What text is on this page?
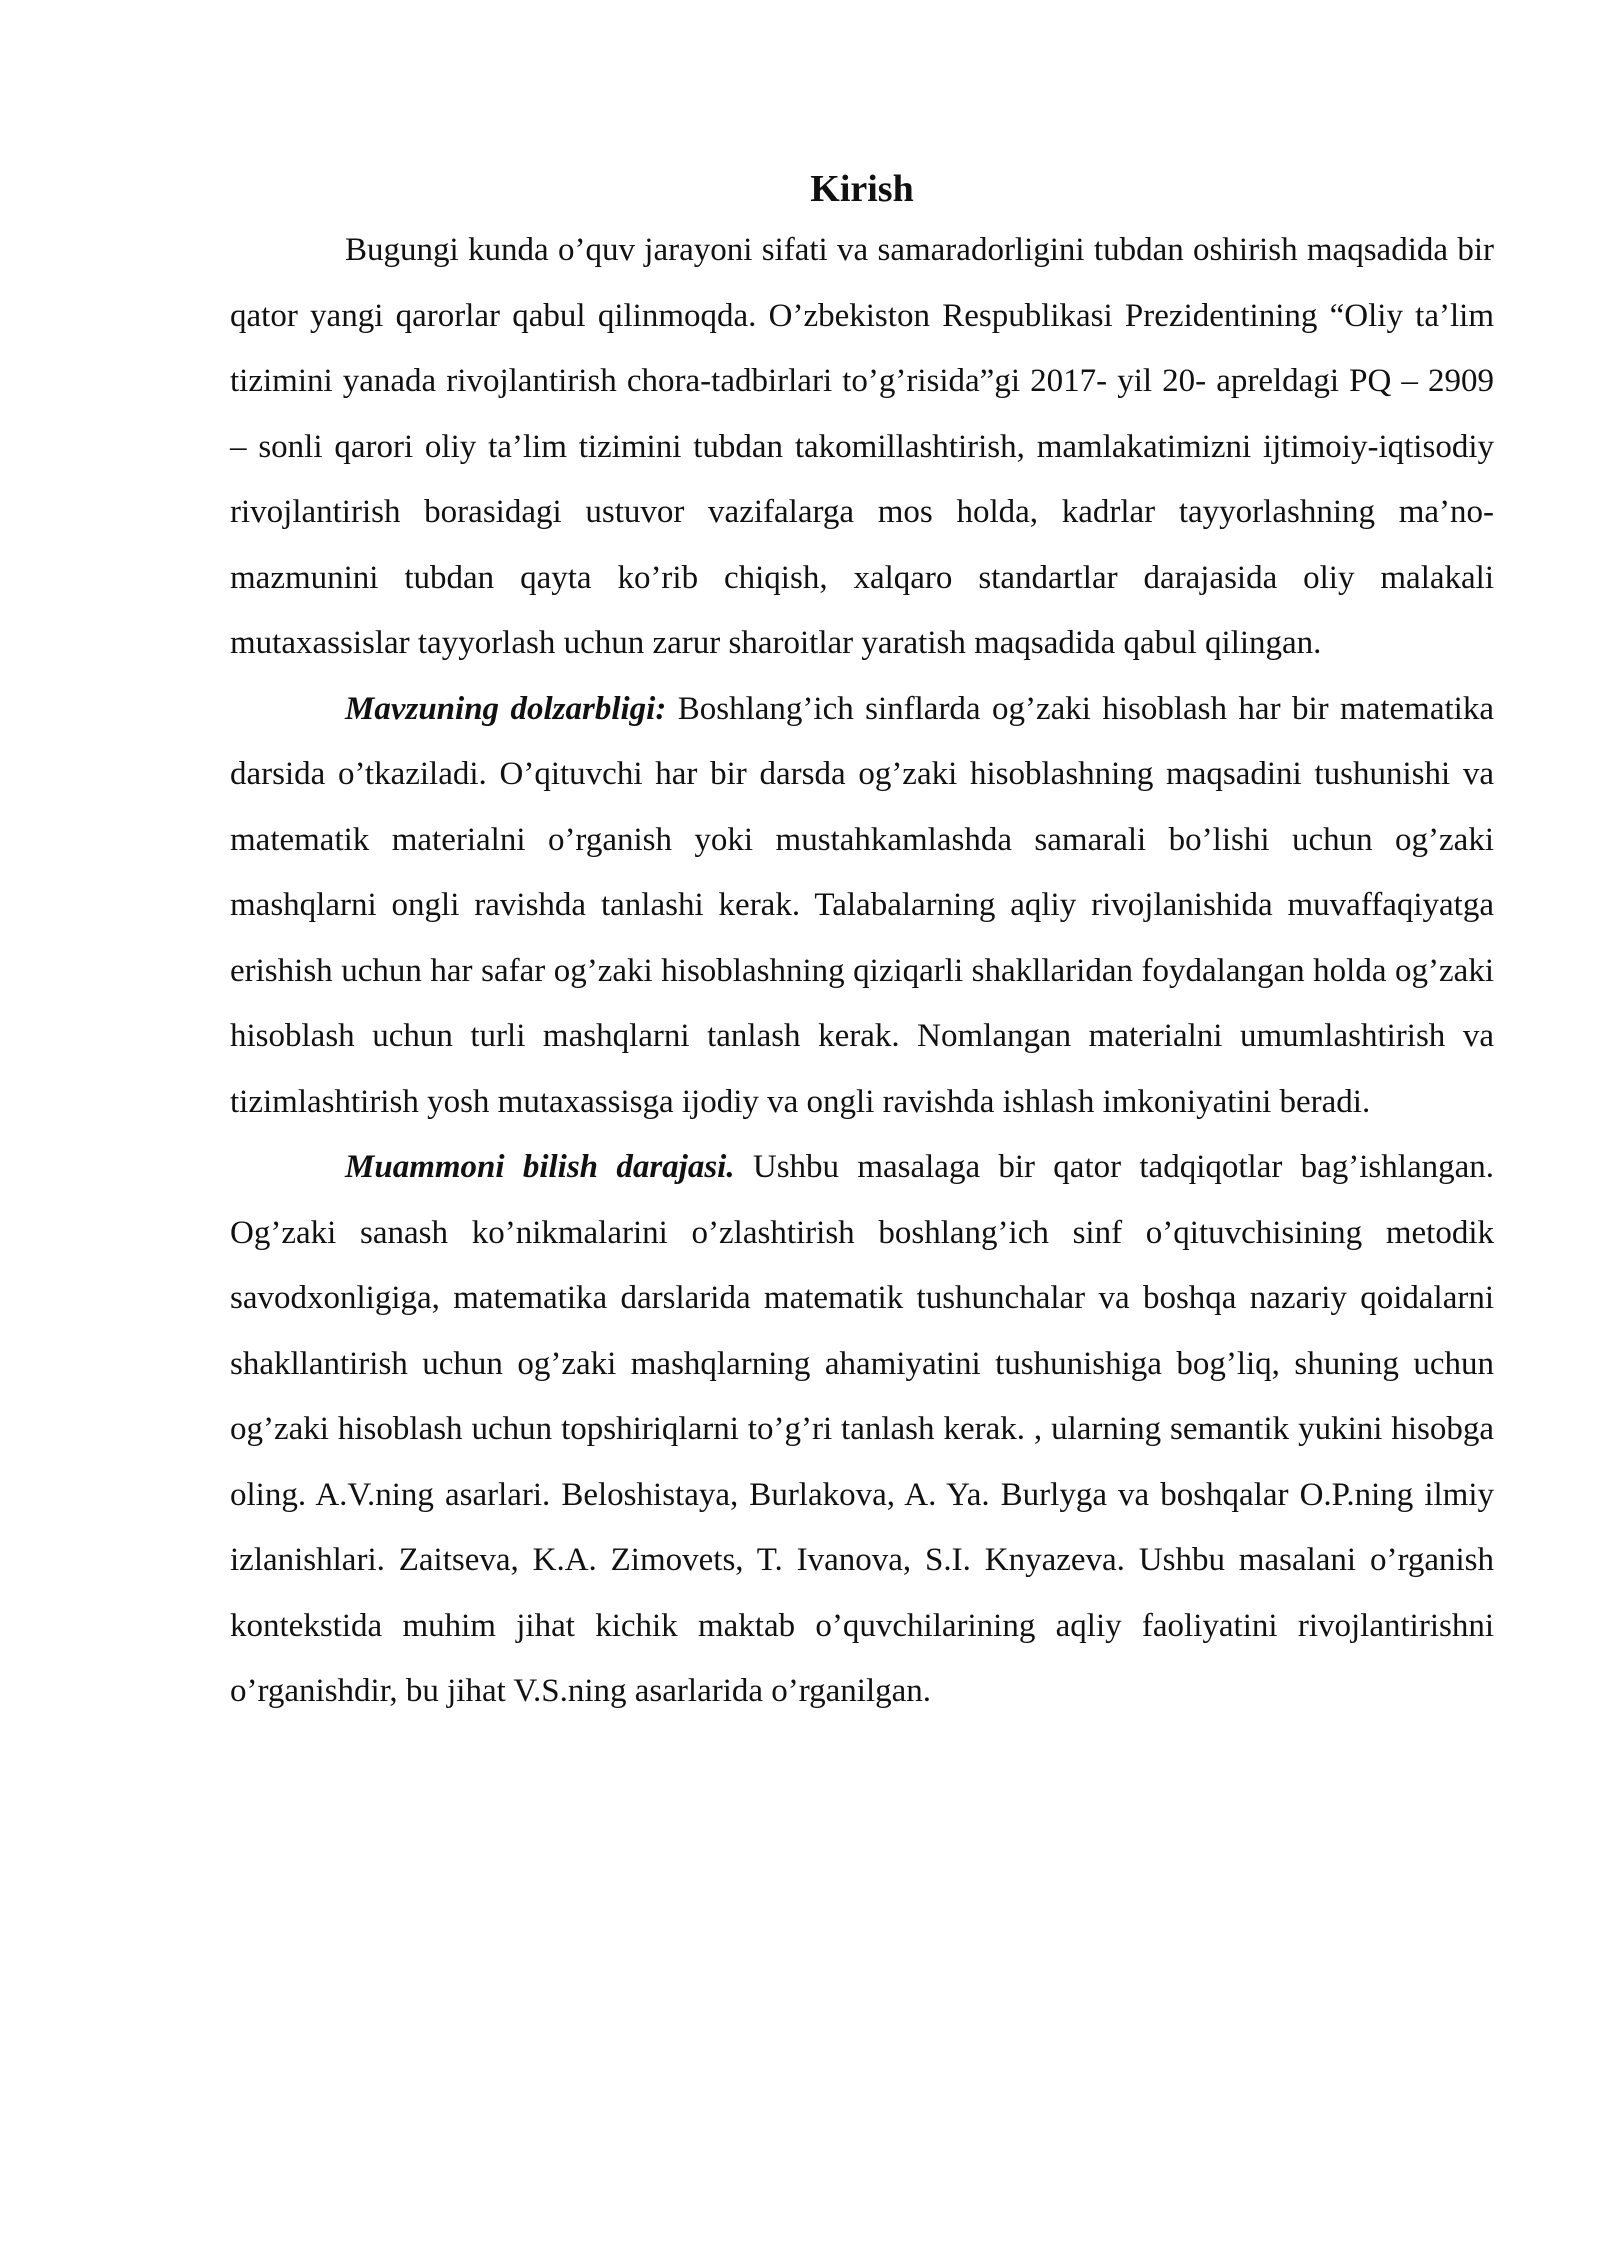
Kirish

Bugungi kunda o’quv jarayoni sifati va samaradorligini tubdan oshirish maqsadida bir qator yangi qarorlar qabul qilinmoqda. O’zbekiston Respublikasi Prezidentining “Oliy ta’lim tizimini yanada rivojlantirish chora-tadbirlari to’g’risida”gi 2017- yil 20- apreldagi PQ – 2909 – sonli qarori oliy ta’lim tizimini tubdan takomillashtirish, mamlakatimizni ijtimoiy-iqtisodiy rivojlantirish borasidagi ustuvor vazifalarga mos holda, kadrlar tayyorlashning ma’no-mazmunini tubdan qayta ko’rib chiqish, xalqaro standartlar darajasida oliy malakali mutaxassislar tayyorlash uchun zarur sharoitlar yaratish maqsadida qabul qilingan.

Mavzuning dolzarbligi: Boshlang’ich sinflarda og’zaki hisoblash har bir matematika darsida o’tkaziladi. O’qituvchi har bir darsda og’zaki hisoblashning maqsadini tushunishi va matematik materialni o’rganish yoki mustahkamlashda samarali bo’lishi uchun og’zaki mashqlarni ongli ravishda tanlashi kerak. Talabalarning aqliy rivojlanishida muvaffaqiyatga erishish uchun har safar og’zaki hisoblashning qiziqarli shakllaridan foydalangan holda og’zaki hisoblash uchun turli mashqlarni tanlash kerak. Nomlangan materialni umumlashtirish va tizimlashtirish yosh mutaxassisga ijodiy va ongli ravishda ishlash imkoniyatini beradi.

Muammoni bilish darajasi. Ushbu masalaga bir qator tadqiqotlar bag’ishlangan. Og’zaki sanash ko’nikmalarini o’zlashtirish boshlang’ich sinf o’qituvchisining metodik savodxonligiga, matematika darslarida matematik tushunchalar va boshqa nazariy qoidalarni shakllantirish uchun og’zaki mashqlarning ahamiyatini tushunishiga bog’liq, shuning uchun og’zaki hisoblash uchun topshiriqlarni to’g’ri tanlash kerak. , ularning semantik yukini hisobga oling. A.V.ning asarlari. Beloshistaya, Burlakova, A. Ya. Burlyga va boshqalar O.P.ning ilmiy izlanishlari. Zaitseva, K.A. Zimovets, T. Ivanova, S.I. Knyazeva. Ushbu masalani o’rganish kontekstida muhim jihat kichik maktab o’quvchilarining aqliy faoliyatini rivojlantirishni o’rganishdir, bu jihat V.S.ning asarlarida o’rganilgan.
